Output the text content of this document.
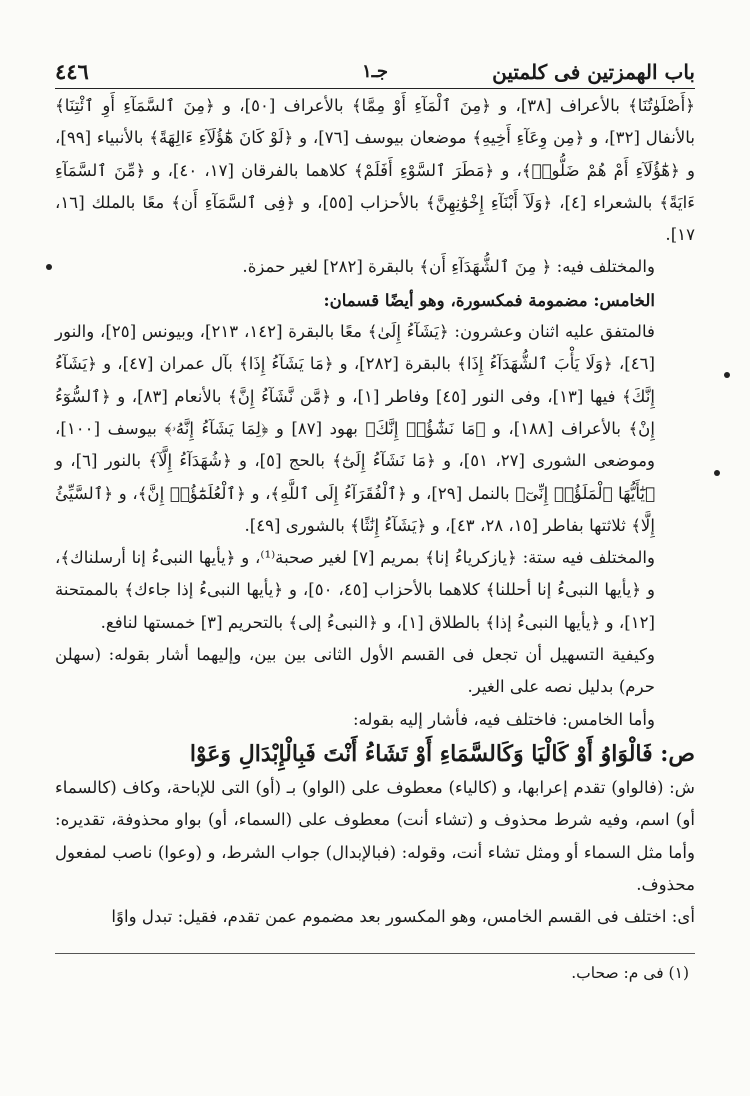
باب الهمزتين فى كلمتين
جـ١
٤٤٦

﴿أَصْلَوٰتُنَا﴾ بالأعراف [٣٨]، و ﴿مِنَ ٱلْمَآءِ أَوْ مِمَّا﴾ بالأعراف [٥٠]، و ﴿مِنَ ٱلسَّمَآءِ أَوِ ٱئْتِنَا﴾ بالأنفال [٣٢]، و ﴿مِن وِعَآءِ أَخِيهِ﴾ موضعان بيوسف [٧٦]، و ﴿لَوْ كَانَ هَٰٓؤُلَآءِ ءَالِهَةً﴾ بالأنبياء [٩٩]، و ﴿هَٰٓؤُلَآءِ أَمْ هُمْ ضَلُّوا۟﴾، و ﴿مَطَرَ ٱلسَّوْءِ أَفَلَمْ﴾ كلاهما بالفرقان [١٧، ٤٠]، و ﴿مِّنَ ٱلسَّمَآءِ ءَايَةً﴾ بالشعراء [٤]، ﴿وَلَآ أَبْنَآءِ إِخْوَٰنِهِنَّ﴾ بالأحزاب [٥٥]، و ﴿فِى ٱلسَّمَآءِ أَن﴾ معًا بالملك [١٦، ١٧].

والمختلف فيه: ﴿ مِنَ ٱلشُّهَدَآءِ أَن﴾ بالبقرة [٢٨٢] لغير حمزة.

الخامس: مضمومة فمكسورة، وهو أيضًا قسمان:

فالمتفق عليه اثنان وعشرون: ﴿يَشَآءُ إِلَىٰ﴾ معًا بالبقرة [١٤٢، ٢١٣]، وبيونس [٢٥]، والنور [٤٦]، ﴿وَلَا يَأْبَ ٱلشُّهَدَآءُ إِذَا﴾ بالبقرة [٢٨٢]، و ﴿مَا يَشَآءُ إِذَا﴾ بآل عمران [٤٧]، و ﴿يَشَآءُ إِنَّكَ﴾ فيها [١٣]، وفى النور [٤٥] وفاطر [١]، و ﴿مَّن نَّشَآءُ إِنَّ﴾ بالأنعام [٨٣]، و ﴿ٱلسُّوٓءُ إِنْ﴾ بالأعراف [١٨٨]، و ﴿مَا نَشَٰٓؤُا۟ إِنَّكَ﴾ بهود [٨٧] و ﴿لِمَا يَشَآءُ إِنَّهُۥ﴾ بيوسف [١٠٠]، وموضعى الشورى [٢٧، ٥١]، و ﴿مَا نَشَآءُ إِلَىٰٓ﴾ بالحج [٥]، و ﴿شُهَدَآءُ إِلَّآ﴾ بالنور [٦]، و ﴿يَٰٓأَيُّهَا ٱلْمَلَؤُا۟ إِنِّىٓ﴾ بالنمل [٢٩]، و ﴿ٱلْفُقَرَآءُ إِلَى ٱللَّهِ﴾، و ﴿ٱلْعُلَمَٰٓؤُا۟ إِنَّ﴾، و ﴿ٱلسَّيِّئُ إِلَّا﴾ ثلاثتها بفاطر [١٥، ٢٨، ٤٣]، و ﴿يَشَآءُ إِنَٰثًا﴾ بالشورى [٤٩].

والمختلف فيه ستة: ﴿يازكرياءُ إنا﴾ بمريم [٧] لغير صحبة⁽¹⁾، و ﴿يأيها النبىءُ إنا أرسلناك﴾، و ﴿يأيها النبىءُ إنا أحللنا﴾ كلاهما بالأحزاب [٤٥، ٥٠]، و ﴿يأيها النبىءُ إذا جاءك﴾ بالممتحنة [١٢]، و ﴿يأيها النبىءُ إذا﴾ بالطلاق [١]، و ﴿النبىءُ إلى﴾ بالتحريم [٣] خمستها لنافع.

وكيفية التسهيل أن تجعل فى القسم الأول الثانى بين بين، وإليهما أشار بقوله: (سهلن حرم) بدليل نصه على الغير.

وأما الخامس: فاختلف فيه، فأشار إليه بقوله:

ص: فَالْوَاوُ أَوْ كَالْيَا وَكَالسَّمَاءِ أَوْ تَشَاءُ أَنْتَ فَبِالْإِبْدَالِ وَعَوْا

ش: (فالواو) تقدم إعرابها، و (كالياء) معطوف على (الواو) بـ (أو) التى للإباحة، وكاف (كالسماء أو) اسم، وفيه شرط محذوف و (تشاء أنت) معطوف على (السماء، أو) بواو محذوفة، تقديره: وأما مثل السماء أو ومثل تشاء أنت، وقوله: (فبالإبدال) جواب الشرط، و (وعوا) ناصب لمفعول محذوف.

أى: اختلف فى القسم الخامس، وهو المكسور بعد مضموم عمن تقدم، فقيل: تبدل واوًا

(١) فى م: صحاب.
